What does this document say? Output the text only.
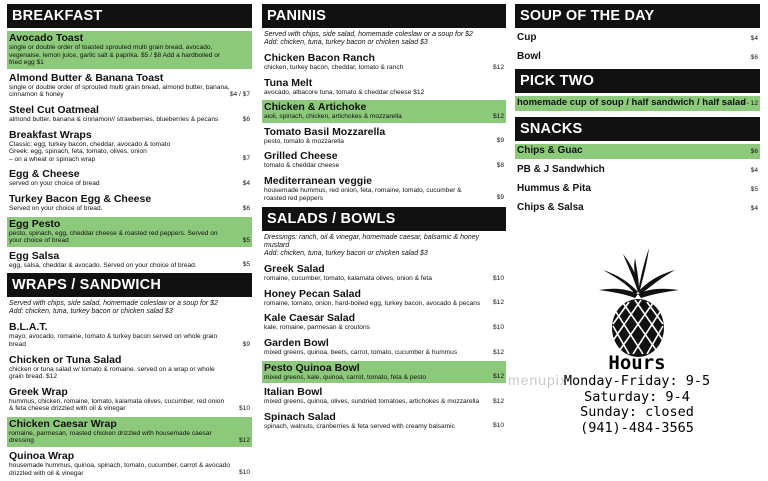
BREAKFAST
Avocado Toast
single or double order of toasted sprouted multi grain bread, avocado, vegenaise, lemon juice, garlic salt & paprika. $5 / $8 Add a hardboiled or fried egg $1
Almond Butter & Banana Toast
single or double order of sprouted multi grain bread, almond butter, banana, cinnamon & honey	$4 / $7
Steel Cut Oatmeal
almond butter, banana & cinnamon// strawberries, blueberries & pecans	$6
Breakfast Wraps
Classic: egg, turkey bacon, cheddar, avocado & tomato
Greek: egg, spinach, feta, tomato, olives, onion
– on a wheat or spinach wrap	$7
Egg & Cheese
served on your choice of bread	$4
Turkey Bacon Egg & Cheese
Served on your choice of bread.	$6
Egg Pesto
pesto, spinach, egg, cheddar cheese & roasted red peppers. Served on your choice of bread	$5
Egg Salsa
egg, salsa, cheddar & avocado. Served on your choice of bread.	$5
WRAPS / SANDWICH
Served with chips, side salad, homemade coleslaw or a soup for $2
Add: chicken, tuna, turkey bacon or chicken salad $3
B.L.A.T.
mayo, avocado, romaine, tomato & turkey bacon served on whole grain bread	$9
Chicken or Tuna Salad
chicken or tuna salad w/ tomato & romaine. served on a wrap or whole grain bread. $12
Greek Wrap
hummus, chicken, romaine, tomato, kalamata olives, cucumber, red onion & feta cheese drizzled with oil & vinegar	$10
Chicken Caesar Wrap
romaine, parmesan, roasted chicken drizzled with housemade caesar dressing	$12
Quinoa Wrap
housemade hummus, quinoa, spinach, tomato, cucumber, carrot & avocado drizzled with oil & vinegar	$10
PANINIS
Served with chips, side salad, homemade coleslaw or a soup for $2
Add: chicken, tuna, turkey bacon or chicken salad $3
Chicken Bacon Ranch
chicken, turkey bacon, cheddar, tomato & ranch	$12
Tuna Melt
avocado, albacore tuna, tomato & cheddar cheese $12
Chicken & Artichoke
aioli, spinach, chicken, artichokes & mozzarella	$12
Tomato Basil Mozzarella
pesto, tomato & mozzarella	$9
Grilled Cheese
tomato & cheddar cheese	$8
Mediterranean veggie
housemade hummus, red onion, feta, romaine, tomato, cucumber & roasted red peppers	$9
SALADS / BOWLS
Dressings: ranch, oil & vinegar, homemade caesar, balsamic & honey mustard
Add: chicken, tuna, turkey bacon or chicken salad $3
Greek Salad
romaine, cucumber, tomato, kalamata olives, onion & feta	$10
Honey Pecan Salad
romaine, tomato, onion, hard-boiled egg, turkey bacon, avocado & pecans	$12
Kale Caesar Salad
kale, romaine, parmesan & croutons	$10
Garden Bowl
mixed greens, quinoa, beets, carrot, tomato, cucumber & hummus	$12
Pesto Quinoa Bowl
mixed greens, kale, quinoa, carrot, tomato, feta & pesto	$12
Italian Bowl
mixed greens, quinoa, olives, sundried tomatoes, artichokes & mozzarella	$12
Spinach Salad
spinach, walnuts, cranberries & feta served with creamy balsamic	$10
SOUP OF THE DAY
Cup	$4
Bowl	$6
PICK TWO
homemade cup of soup / half sandwich / half salad
9 - 12
SNACKS
Chips & Guac	$6
PB & J Sandwhich	$4
Hummus & Pita	$5
Chips & Salsa	$4
menupix
Hours
Monday-Friday: 9-5
Saturday: 9-4
Sunday: closed
(941)-484-3565
